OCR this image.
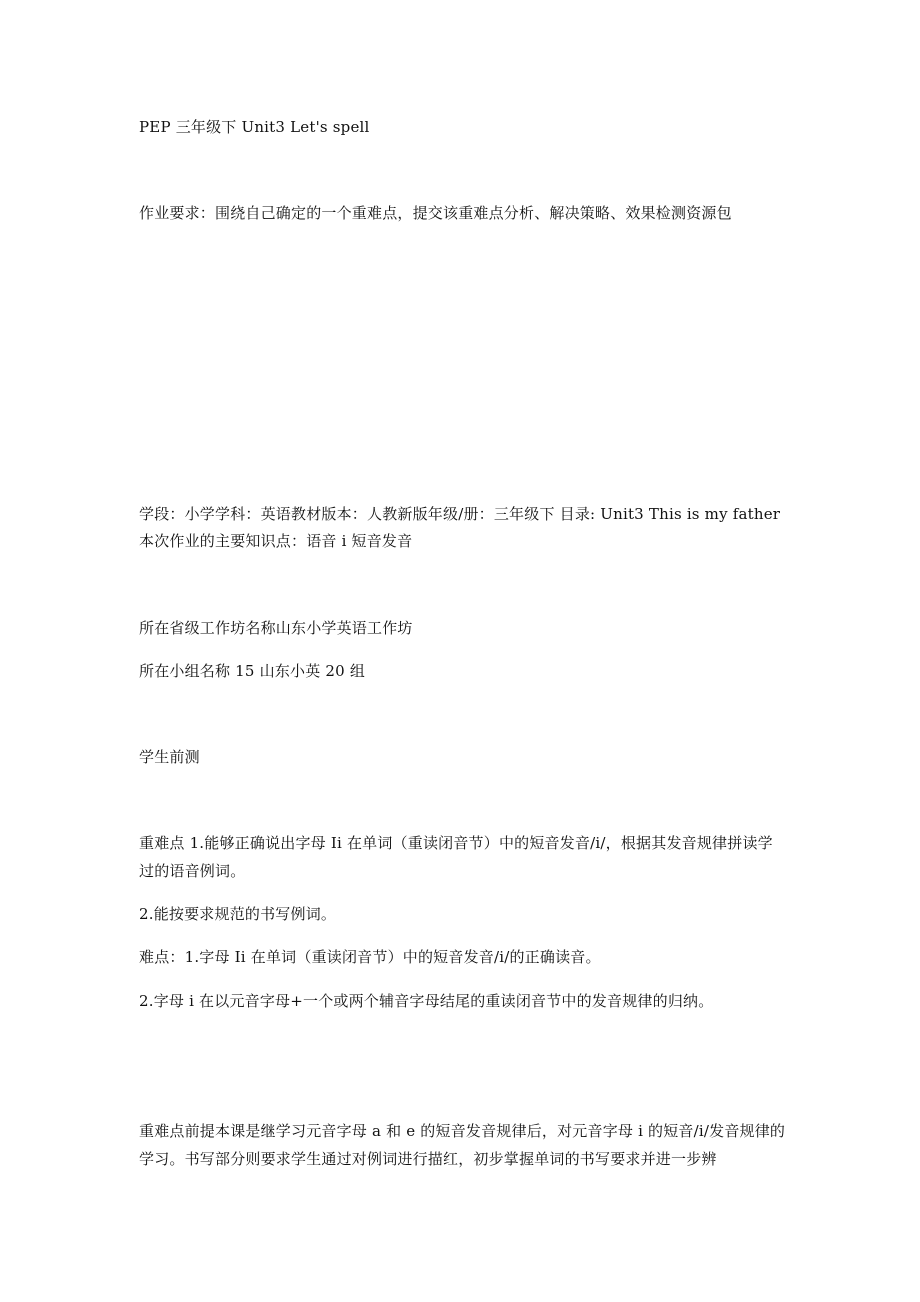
PEP 三年级下 Unit3 Let's spell
作业要求：围绕自己确定的一个重难点，提交该重难点分析、解决策略、效果检测资源包
学段：小学学科：英语教材版本：人教新版年级/册：三年级下 目录: Unit3 This is my father
本次作业的主要知识点：语音 i 短音发音
所在省级工作坊名称山东小学英语工作坊
所在小组名称 15 山东小英 20 组
学生前测
重难点 1.能够正确说出字母 Ii 在单词（重读闭音节）中的短音发音/i/，根据其发音规律拼读学过的语音例词。
2.能按要求规范的书写例词。
难点：1.字母 Ii 在单词（重读闭音节）中的短音发音/i/的正确读音。
2.字母 i 在以元音字母+一个或两个辅音字母结尾的重读闭音节中的发音规律的归纳。
重难点前提本课是继学习元音字母 a 和 e 的短音发音规律后，对元音字母 i 的短音/i/发音规律的学习。书写部分则要求学生通过对例词进行描红，初步掌握单词的书写要求并进一步辨
